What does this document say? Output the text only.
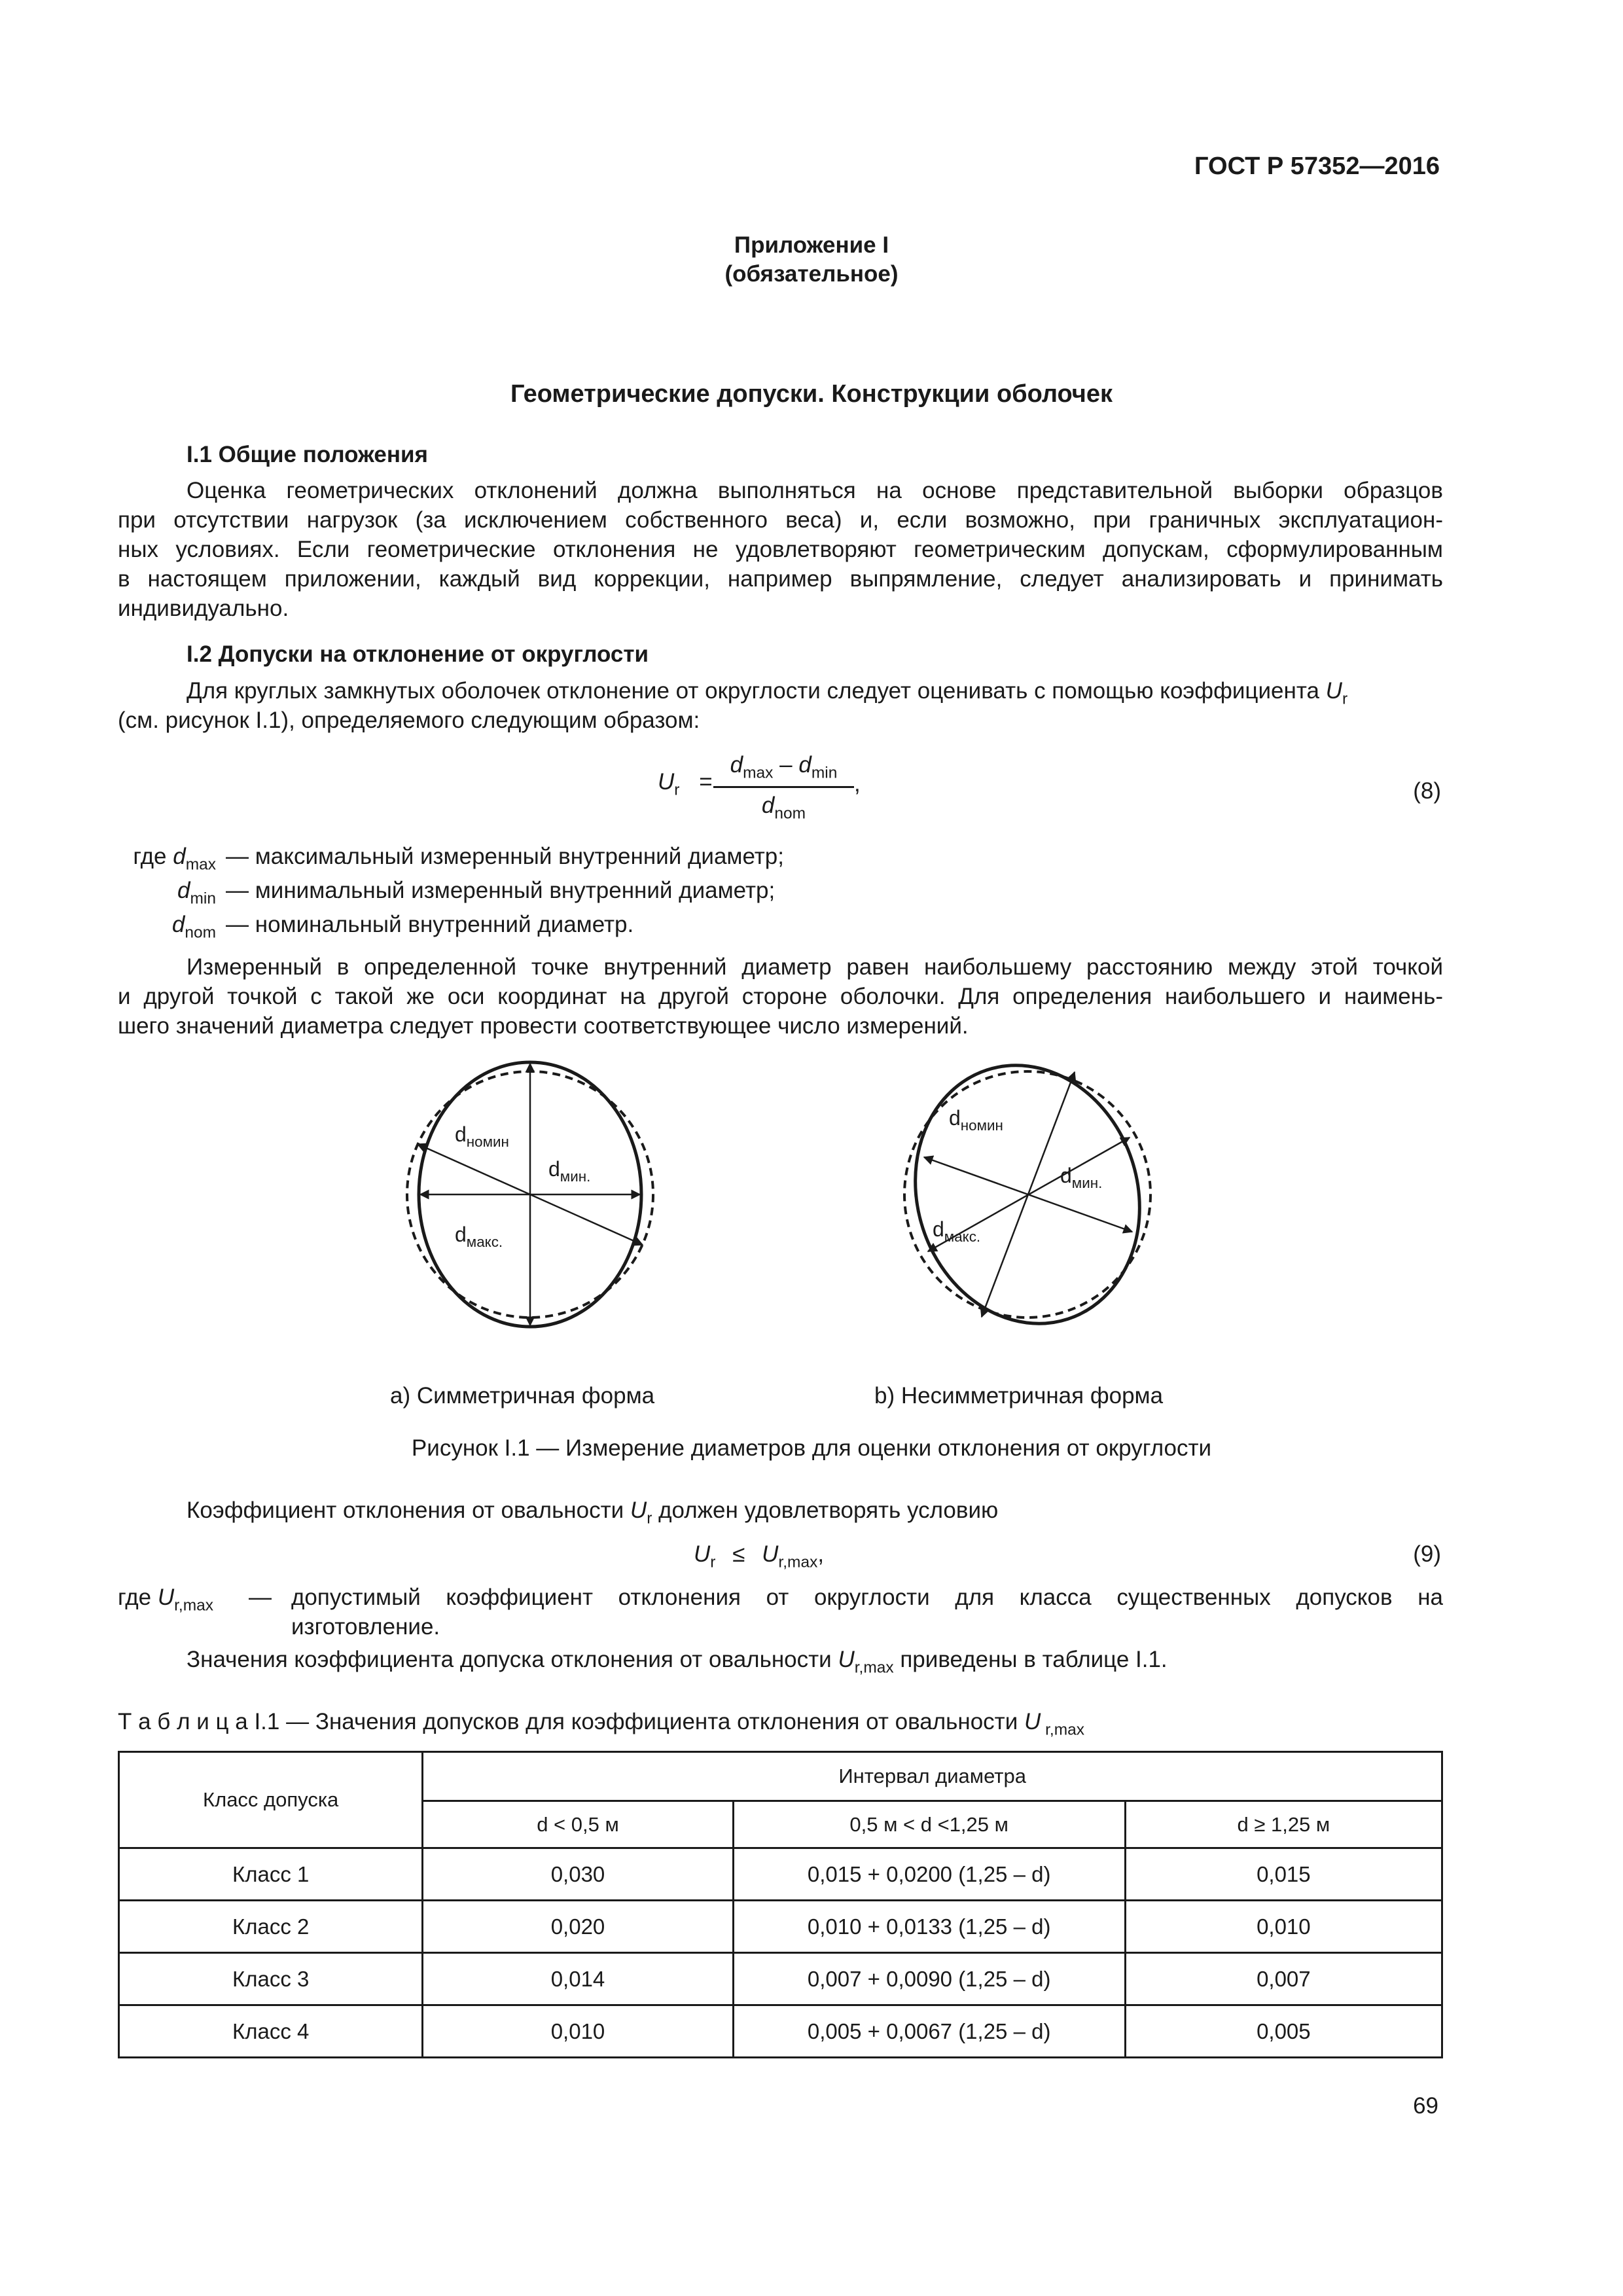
ГОСТ Р 57352—2016
Приложение I
(обязательное)
Геометрические допуски. Конструкции оболочек
I.1 Общие положения
Оценка геометрических отклонений должна выполняться на основе представительной выборки образцов
при отсутствии нагрузок (за исключением собственного веса) и, если возможно, при граничных эксплуатацион-
ных условиях. Если геометрические отклонения не удовлетворяют геометрическим допускам, сформулированным
в настоящем приложении, каждый вид коррекции, например выпрямление, следует анализировать и принимать
индивидуально.
I.2 Допуски на отклонение от округлости
Для круглых замкнутых оболочек отклонение от округлости следует оценивать с помощью коэффициента $U_r$
(см. рисунок I.1), определяемого следующим образом:
$U_r$ =
$d_{max} - d_{min}$
$d_{nom}$
,	(8)
где $d_{max}$ — максимальный измеренный внутренний диаметр;
$d_{min}$ — минимальный измеренный внутренний диаметр;
$d_{nom}$ — номинальный внутренний диаметр.
Измеренный в определенной точке внутренний диаметр равен наибольшему расстоянию между этой точкой
и другой точкой с такой же оси координат на другой стороне оболочки. Для определения наибольшего и наимень-
шего значений диаметра следует провести соответствующее число измерений.
$d_{номин}$
$d_{мин.}$
$d_{макс.}$
$d_{номин}$
$d_{мин.}$
$d_{макс.}$
a) Симметричная форма	b) Несимметричная форма
Рисунок I.1 — Измерение диаметров для оценки отклонения от округлости
Коэффициент отклонения от овальности $U_r$ должен удовлетворять условию
$U_r \le U_{r,max}$,	(9)
где $U_{r,max}$	— допустимый коэффициент отклонения от округлости для класса существенных допусков на
изготовление.
Значения коэффициента допуска отклонения от овальности $U_{r,max}$ приведены в таблице I.1.
Т а б л и ц а I.1 — Значения допусков для коэффициента отклонения от овальности U $_{r,max}$
Класс допуска	Интервал диаметра		
	d < 0,5 м	0,5 м < d <1,25 м	d ≥ 1,25 м
Класс 1	0,030	0,015 + 0,0200 (1,25 – d)	0,015
Класс 2	0,020	0,010 + 0,0133 (1,25 – d)	0,010
Класс 3	0,014	0,007 + 0,0090 (1,25 – d)	0,007
Класс 4	0,010	0,005 + 0,0067 (1,25 – d)	0,005
69
